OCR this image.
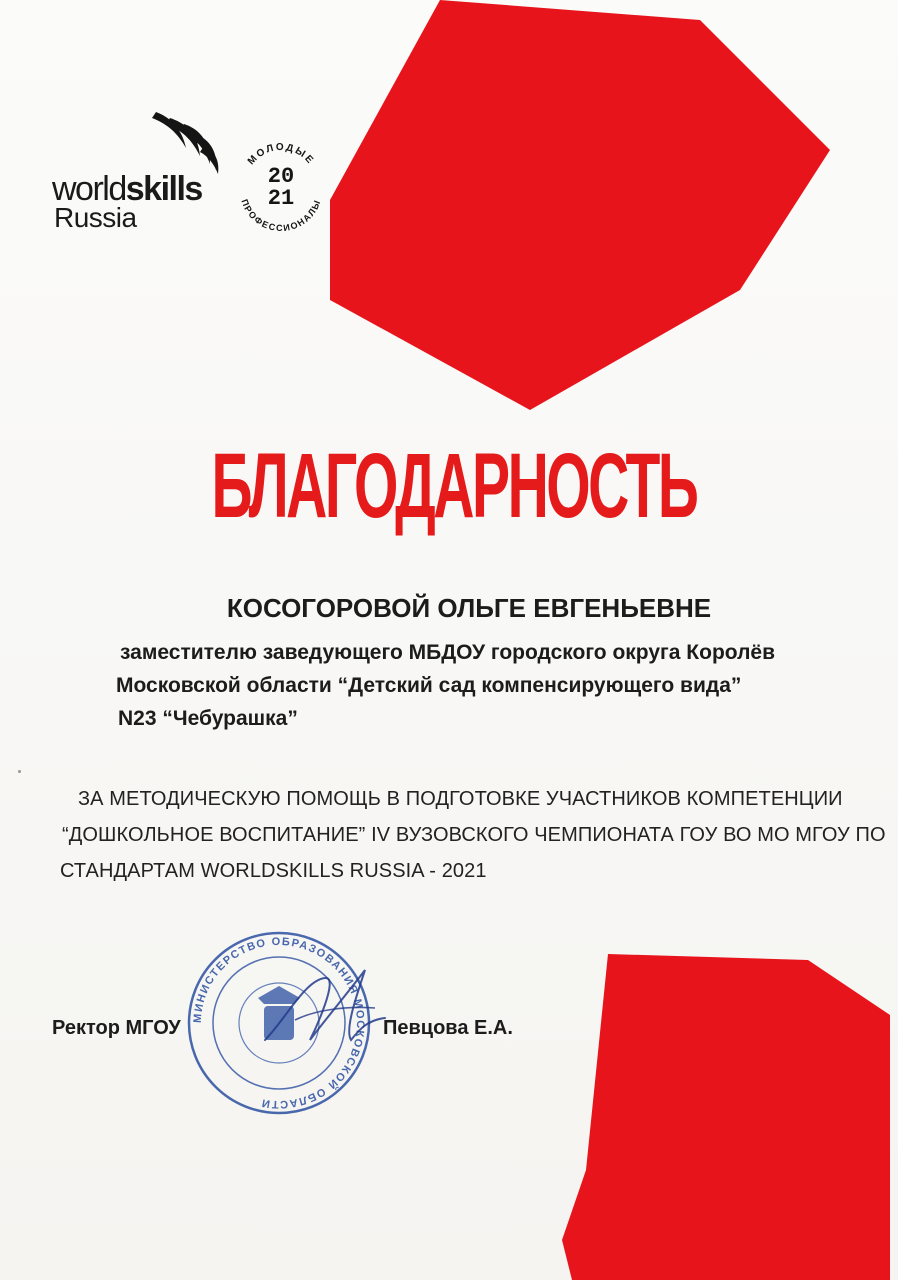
worldskills
Russia
МОЛОДЫЕ
ПРОФЕССИОНАЛЫ
20
21
БЛАГОДАРНОСТЬ
КОСОГОРОВОЙ ОЛЬГЕ ЕВГЕНЬЕВНЕ
заместителю заведующего МБДОУ городского округа Королёв
Московской области “Детский сад компенсирующего вида”
N23 “Чебурашка”
ЗА МЕТОДИЧЕСКУЮ ПОМОЩЬ В ПОДГОТОВКЕ УЧАСТНИКОВ КОМПЕТЕНЦИИ
“ДОШКОЛЬНОЕ ВОСПИТАНИЕ” IV ВУЗОВСКОГО ЧЕМПИОНАТА ГОУ ВО МО МГОУ ПО
СТАНДАРТАМ WORLDSKILLS RUSSIA - 2021
Ректор МГОУ МИНИСТЕРСТВО ОБРАЗОВАНИЯ МОСКОВСКОЙ ОБЛАСТИ
Певцова Е.А.
